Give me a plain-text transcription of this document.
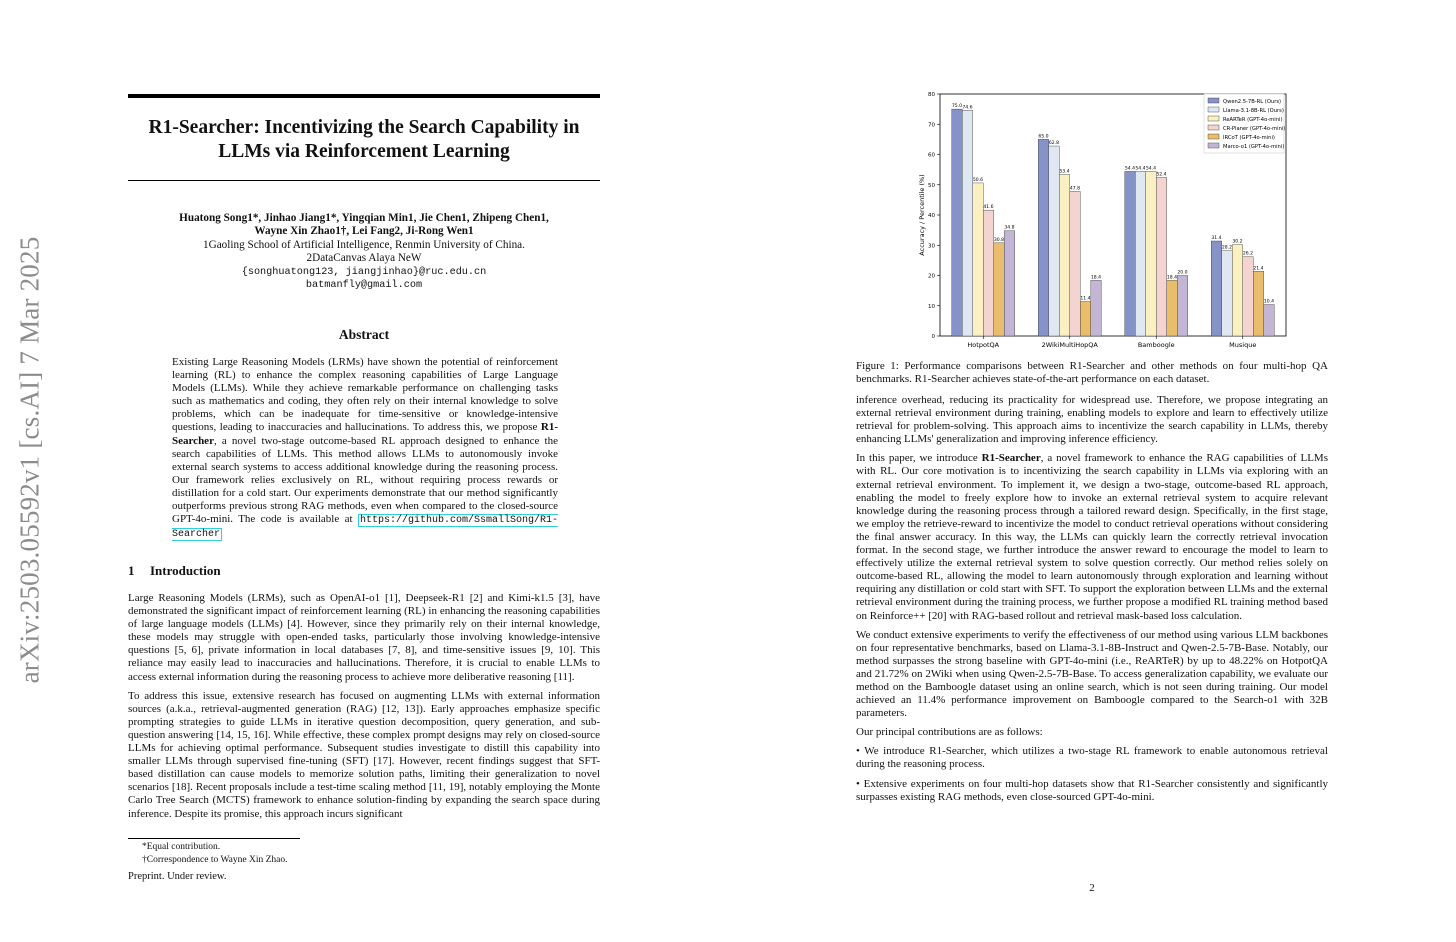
arXiv:2503.05592v1 [cs.AI] 7 Mar 2025
R1-Searcher: Incentivizing the Search Capability in LLMs via Reinforcement Learning
Huatong Song1*, Jinhao Jiang1*, Yingqian Min1, Jie Chen1, Zhipeng Chen1,
Wayne Xin Zhao1†, Lei Fang2, Ji-Rong Wen1
1Gaoling School of Artificial Intelligence, Renmin University of China.
2DataCanvas Alaya NeW
{songhuatong123, jiangjinhao}@ruc.edu.cn
batmanfly@gmail.com
Abstract
Existing Large Reasoning Models (LRMs) have shown the potential of reinforcement learning (RL) to enhance the complex reasoning capabilities of Large Language Models (LLMs). While they achieve remarkable performance on challenging tasks such as mathematics and coding, they often rely on their internal knowledge to solve problems, which can be inadequate for time-sensitive or knowledge-intensive questions, leading to inaccuracies and hallucinations. To address this, we propose R1-Searcher, a novel two-stage outcome-based RL approach designed to enhance the search capabilities of LLMs. This method allows LLMs to autonomously invoke external search systems to access additional knowledge during the reasoning process. Our framework relies exclusively on RL, without requiring process rewards or distillation for a cold start. Our experiments demonstrate that our method significantly outperforms previous strong RAG methods, even when compared to the closed-source GPT-4o-mini. The code is available at https://github.com/SsmallSong/R1-Searcher
1 Introduction

Large Reasoning Models (LRMs), such as OpenAI-o1 [1], Deepseek-R1 [2] and Kimi-k1.5 [3], have demonstrated the significant impact of reinforcement learning (RL) in enhancing the reasoning capabilities of large language models (LLMs) [4]. However, since they primarily rely on their internal knowledge, these models may struggle with open-ended tasks, particularly those involving knowledge-intensive questions [5, 6], private information in local databases [7, 8], and time-sensitive issues [9, 10]. This reliance may easily lead to inaccuracies and hallucinations. Therefore, it is crucial to enable LLMs to access external information during the reasoning process to achieve more deliberative reasoning [11].

To address this issue, extensive research has focused on augmenting LLMs with external information sources (a.k.a., retrieval-augmented generation (RAG) [12, 13]). Early approaches emphasize specific prompting strategies to guide LLMs in iterative question decomposition, query generation, and sub-question answering [14, 15, 16]. While effective, these complex prompt designs may rely on closed-source LLMs for achieving optimal performance. Subsequent studies investigate to distill this capability into smaller LLMs through supervised fine-tuning (SFT) [17]. However, recent findings suggest that SFT-based distillation can cause models to memorize solution paths, limiting their generalization to novel scenarios [18]. Recent proposals include a test-time scaling method [11, 19], notably employing the Monte Carlo Tree Search (MCTS) framework to enhance solution-finding by expanding the search space during inference. Despite its promise, this approach incurs significant

*Equal contribution.
†Correspondence to Wayne Xin Zhao.
Preprint. Under review.
0
10
20
30
40
50
60
70
80
Accuracy / Percentile (%)
75.0 74.6
50.6
41.6
30.8
34.8
HotpotQA
65.0
62.8
53.4
47.8
11.4
18.4
2WikiMultiHopQA
54.4 54.4 54.4
52.4
18.4
20.0
Bamboogle
31.4
28.2
30.2
26.2
21.4
10.4
Musique
Qwen2.5-7B-RL (Ours)
Llama-3.1-8B-RL (Ours)
ReARTeR (GPT-4o-mini)
CR-Planer (GPT-4o-mini)
IRCoT (GPT-4o-mini)
Marco-o1 (GPT-4o-mini)
Figure 1: Performance comparisons between R1-Searcher and other methods on four multi-hop QA benchmarks. R1-Searcher achieves state-of-the-art performance on each dataset.

inference overhead, reducing its practicality for widespread use. Therefore, we propose integrating an external retrieval environment during training, enabling models to explore and learn to effectively utilize retrieval for problem-solving. This approach aims to incentivize the search capability in LLMs, thereby enhancing LLMs' generalization and improving inference efficiency.

In this paper, we introduce R1-Searcher, a novel framework to enhance the RAG capabilities of LLMs with RL. Our core motivation is to incentivizing the search capability in LLMs via exploring with an external retrieval environment. To implement it, we design a two-stage, outcome-based RL approach, enabling the model to freely explore how to invoke an external retrieval system to acquire relevant knowledge during the reasoning process through a tailored reward design. Specifically, in the first stage, we employ the retrieve-reward to incentivize the model to conduct retrieval operations without considering the final answer accuracy. In this way, the LLMs can quickly learn the correctly retrieval invocation format. In the second stage, we further introduce the answer reward to encourage the model to learn to effectively utilize the external retrieval system to solve question correctly. Our method relies solely on outcome-based RL, allowing the model to learn autonomously through exploration and learning without requiring any distillation or cold start with SFT. To support the exploration between LLMs and the external retrieval environment during the training process, we further propose a modified RL training method based on Reinforce++ [20] with RAG-based rollout and retrieval mask-based loss calculation.

We conduct extensive experiments to verify the effectiveness of our method using various LLM backbones on four representative benchmarks, based on Llama-3.1-8B-Instruct and Qwen-2.5-7B-Base. Notably, our method surpasses the strong baseline with GPT-4o-mini (i.e., ReARTeR) by up to 48.22% on HotpotQA and 21.72% on 2Wiki when using Qwen-2.5-7B-Base. To access generalization capability, we evaluate our method on the Bamboogle dataset using an online search, which is not seen during training. Our model achieved an 11.4% performance improvement on Bamboogle compared to the Search-o1 with 32B parameters.

Our principal contributions are as follows:

• We introduce R1-Searcher, which utilizes a two-stage RL framework to enable autonomous retrieval during the reasoning process.

• Extensive experiments on four multi-hop datasets show that R1-Searcher consistently and significantly surpasses existing RAG methods, even close-sourced GPT-4o-mini.

2
